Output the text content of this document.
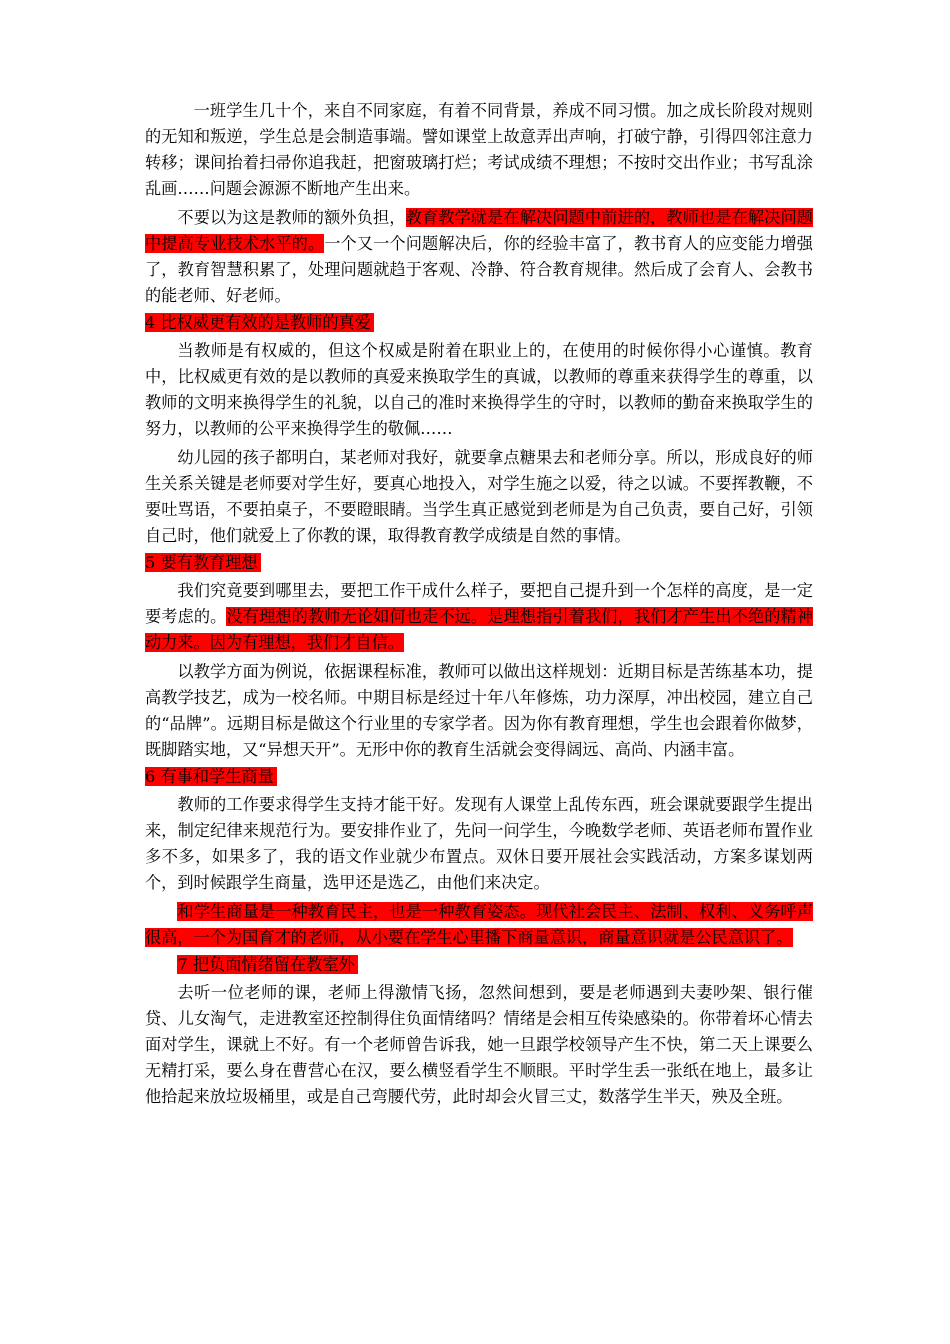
一班学生几十个，来自不同家庭，有着不同背景，养成不同习惯。加之成长阶段对规则的无知和叛逆，学生总是会制造事端。譬如课堂上故意弄出声响，打破宁静，引得四邻注意力转移；课间抬着扫帚你追我赶，把窗玻璃打烂；考试成绩不理想；不按时交出作业；书写乱涂乱画……问题会源源不断地产生出来。

不要以为这是教师的额外负担，教育教学就是在解决问题中前进的，教师也是在解决问题中提高专业技术水平的。一个又一个问题解决后，你的经验丰富了，教书育人的应变能力增强了，教育智慧积累了，处理问题就趋于客观、冷静、符合教育规律。然后成了会育人、会教书的能老师、好老师。

4 比权威更有效的是教师的真爱

当教师是有权威的，但这个权威是附着在职业上的，在使用的时候你得小心谨慎。教育中，比权威更有效的是以教师的真爱来换取学生的真诚，以教师的尊重来获得学生的尊重，以教师的文明来换得学生的礼貌，以自己的准时来换得学生的守时，以教师的勤奋来换取学生的努力，以教师的公平来换得学生的敬佩……

幼儿园的孩子都明白，某老师对我好，就要拿点糖果去和老师分享。所以，形成良好的师生关系关键是老师要对学生好，要真心地投入，对学生施之以爱，待之以诚。不要挥教鞭，不要吐骂语，不要拍桌子，不要瞪眼睛。当学生真正感觉到老师是为自己负责，要自己好，引领自己时，他们就爱上了你教的课，取得教育教学成绩是自然的事情。

5 要有教育理想

我们究竟要到哪里去，要把工作干成什么样子，要把自己提升到一个怎样的高度，是一定要考虑的。没有理想的教师无论如何也走不远。是理想指引着我们，我们才产生出不绝的精神动力来。因为有理想，我们才自信。

以教学方面为例说，依据课程标准，教师可以做出这样规划：近期目标是苦练基本功，提高教学技艺，成为一校名师。中期目标是经过十年八年修炼，功力深厚，冲出校园，建立自己的“品牌”。远期目标是做这个行业里的专家学者。因为你有教育理想，学生也会跟着你做梦，既脚踏实地，又“异想天开”。无形中你的教育生活就会变得阔远、高尚、内涵丰富。

6 有事和学生商量

教师的工作要求得学生支持才能干好。发现有人课堂上乱传东西，班会课就要跟学生提出来，制定纪律来规范行为。要安排作业了，先问一问学生，今晚数学老师、英语老师布置作业多不多，如果多了，我的语文作业就少布置点。双休日要开展社会实践活动，方案多谋划两个，到时候跟学生商量，选甲还是选乙，由他们来决定。

和学生商量是一种教育民主，也是一种教育姿态。现代社会民主、法制、权利、义务呼声很高，一个为国育才的老师，从小要在学生心里播下商量意识，商量意识就是公民意识了。

7 把负面情绪留在教室外

去听一位老师的课，老师上得激情飞扬，忽然间想到，要是老师遇到夫妻吵架、银行催贷、儿女淘气，走进教室还控制得住负面情绪吗？情绪是会相互传染感染的。你带着坏心情去面对学生，课就上不好。有一个老师曾告诉我，她一旦跟学校领导产生不快，第二天上课要么无精打采，要么身在曹营心在汉，要么横竖看学生不顺眼。平时学生丢一张纸在地上，最多让他拾起来放垃圾桶里，或是自己弯腰代劳，此时却会火冒三丈，数落学生半天，殃及全班。
